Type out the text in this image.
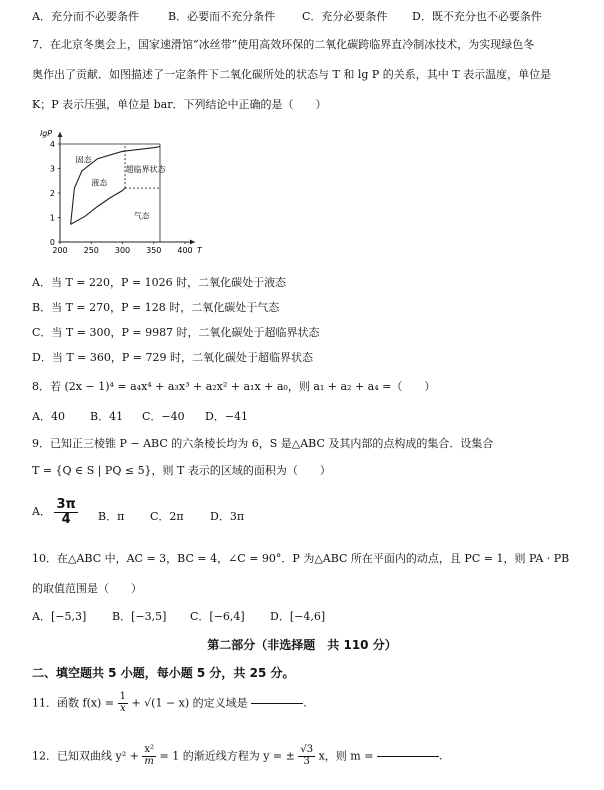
A．充分而不必要条件	B．必要而不充分条件 C．充分必要条件 D．既不充分也不必要条件
7．在北京冬奥会上，国家速滑馆“冰丝带”使用高效环保的二氧化碳跨临界直冷制冰技术，为实现绿色冬
奥作出了贡献．如图描述了一定条件下二氧化碳所处的状态与 T 和 lg P 的关系，其中 T 表示温度，单位是
K；P 表示压强，单位是 bar．下列结论中正确的是（　　）
T
lgP
200 250 300 350 400
0
1
2
3
4
固态
液态
超临界状态
气态
A．当 T = 220，P = 1026 时，二氧化碳处于液态
B．当 T = 270，P = 128 时，二氧化碳处于气态
C．当 T = 300，P = 9987 时，二氧化碳处于超临界状态
D．当 T = 360，P = 729 时，二氧化碳处于超临界状态
8．若 (2x − 1)⁴ = a₄x⁴ + a₃x³ + a₂x² + a₁x + a₀，则 a₁ + a₂ + a₄ =（　　）
A．40 B．41 C．−40 D．−41
9．已知正三棱锥 P − ABC 的六条棱长均为 6，S 是△ABC 及其内部的点构成的集合．设集合
T = {Q ∈ S | PQ ≤ 5}，则 T 表示的区域的面积为（　　）
A． $\frac{3\pi}{4}$ B．π C．2π D．3π
10．在△ABC 中，AC = 3，BC = 4，∠C = 90°．P 为△ABC 所在平面内的动点，且 PC = 1，则 PA · PB
的取值范围是（　　）
A．[−5,3] B．[−3,5] C．[−6,4] D．[−4,6]
第二部分（非选择题　共 110 分）
二、填空题共 5 小题，每小题 5 分，共 25 分。
11．函数 $f(x) = \frac{1}{x} + √(1 - x)$ 的定义域是	.
12．已知双曲线 $y^2 + \frac{\text{x²}}{m} = 1$ 的渐近线方程为 y = ± $\frac{√3}{3}$ x，则 m =	.
